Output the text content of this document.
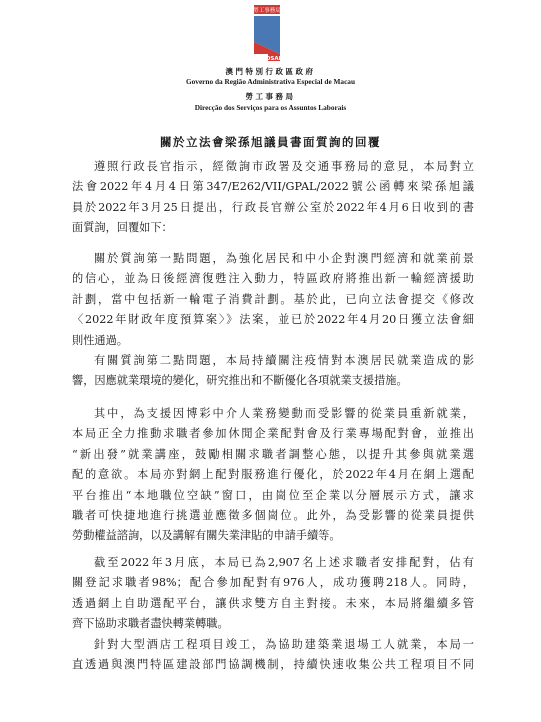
勞工事務局
DSAL
澳門特別行政區政府
Governo da Região Administrativa Especial de Macau
勞工事務局
Direcção dos Serviços para os Assuntos Laborais
關於立法會梁孫旭議員書面質詢的回覆
遵照行政長官指示，經徵詢市政署及交通事務局的意見，本局對立
法會2022年4月4日第347/E262/VII/GPAL/2022號公函轉來梁孫旭議
員於2022年3月25日提出，行政長官辦公室於2022年4月6日收到的書
面質詢，回覆如下：
關於質詢第一點問題，為強化居民和中小企對澳門經濟和就業前景
的信心，並為日後經濟復甦注入動力，特區政府將推出新一輪經濟援助
計劃，當中包括新一輪電子消費計劃。基於此，已向立法會提交《修改
〈2022年財政年度預算案〉》法案，並已於2022年4月20日獲立法會細
則性通過。
有關質詢第二點問題，本局持續關注疫情對本澳居民就業造成的影
響，因應就業環境的變化，研究推出和不斷優化各項就業支援措施。
其中，為支援因博彩中介人業務變動而受影響的從業員重新就業，
本局正全力推動求職者參加休閒企業配對會及行業專場配對會，並推出
“新出發”就業講座，鼓勵相關求職者調整心態，以提升其參與就業選
配的意欲。本局亦對網上配對服務進行優化，於2022年4月在網上選配
平台推出“本地職位空缺”窗口，由崗位至企業以分層展示方式，讓求
職者可快捷地進行挑選並應徵多個崗位。此外，為受影響的從業員提供
勞動權益諮詢，以及講解有關失業津貼的申請手續等。
截至2022年3月底，本局已為2,907名上述求職者安排配對，佔有
關登記求職者98%；配合參加配對有976人，成功獲聘218人。同時，
透過網上自助選配平台，讓供求雙方自主對接。未來，本局將繼續多管
齊下協助求職者盡快轉業轉職。
針對大型酒店工程項目竣工，為協助建築業退場工人就業，本局一
直透過與澳門特區建設部門協調機制，持續快速收集公共工程項目不同
